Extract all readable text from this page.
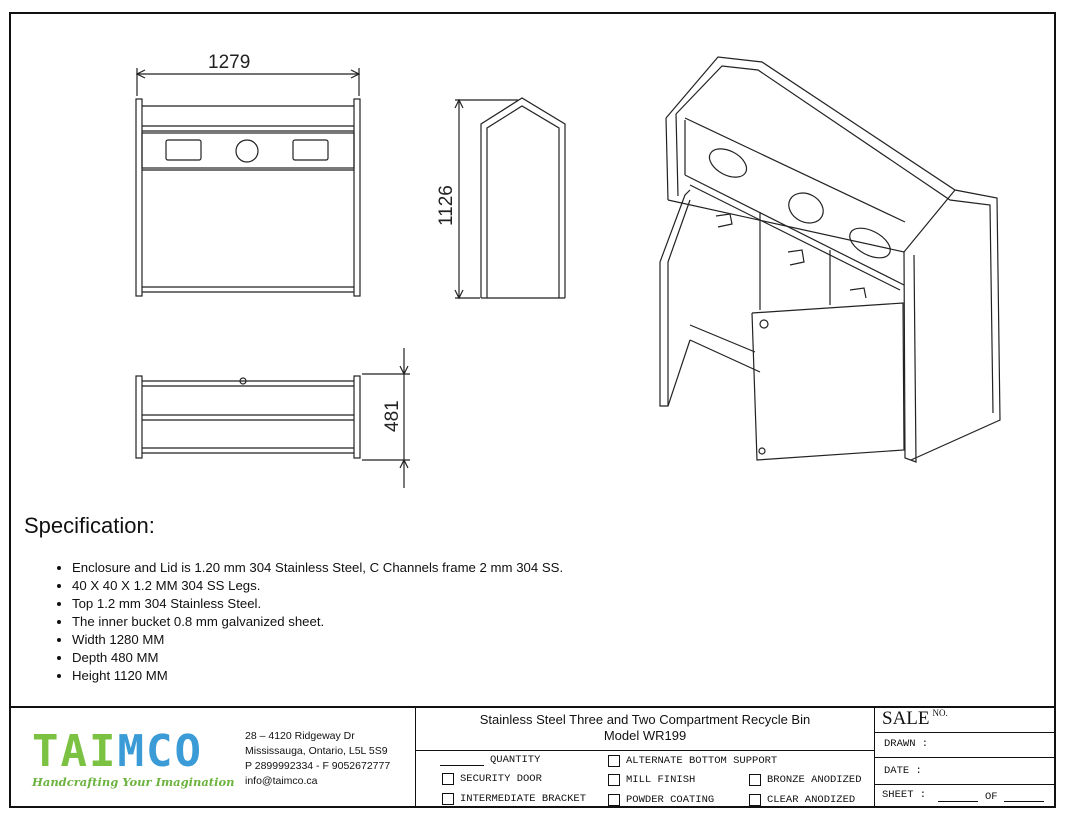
1279
1126
481
Specification:
• Enclosure and Lid is 1.20 mm 304 Stainless Steel, C Channels frame 2 mm 304 SS.
• 40 X 40 X 1.2 MM 304 SS Legs.
• Top 1.2 mm 304 Stainless Steel.
• The inner bucket 0.8 mm galvanized sheet.
• Width 1280 MM
• Depth 480 MM
• Height 1120 MM
TAIMCO
Handcrafting Your Imagination
28 – 4120 Ridgeway Dr
Mississauga, Ontario, L5L 5S9
P 2899992334 - F 9052672777
info@taimco.ca
Stainless Steel Three and Two Compartment Recycle Bin
Model WR199
QUANTITY
SECURITY DOOR
INTERMEDIATE BRACKET
ALTERNATE BOTTOM SUPPORT
MILL FINISH
POWDER COATING
BRONZE ANODIZED
CLEAR ANODIZED
SALE $^{NO.}$
DRAWN :
DATE :
SHEET :	OF
